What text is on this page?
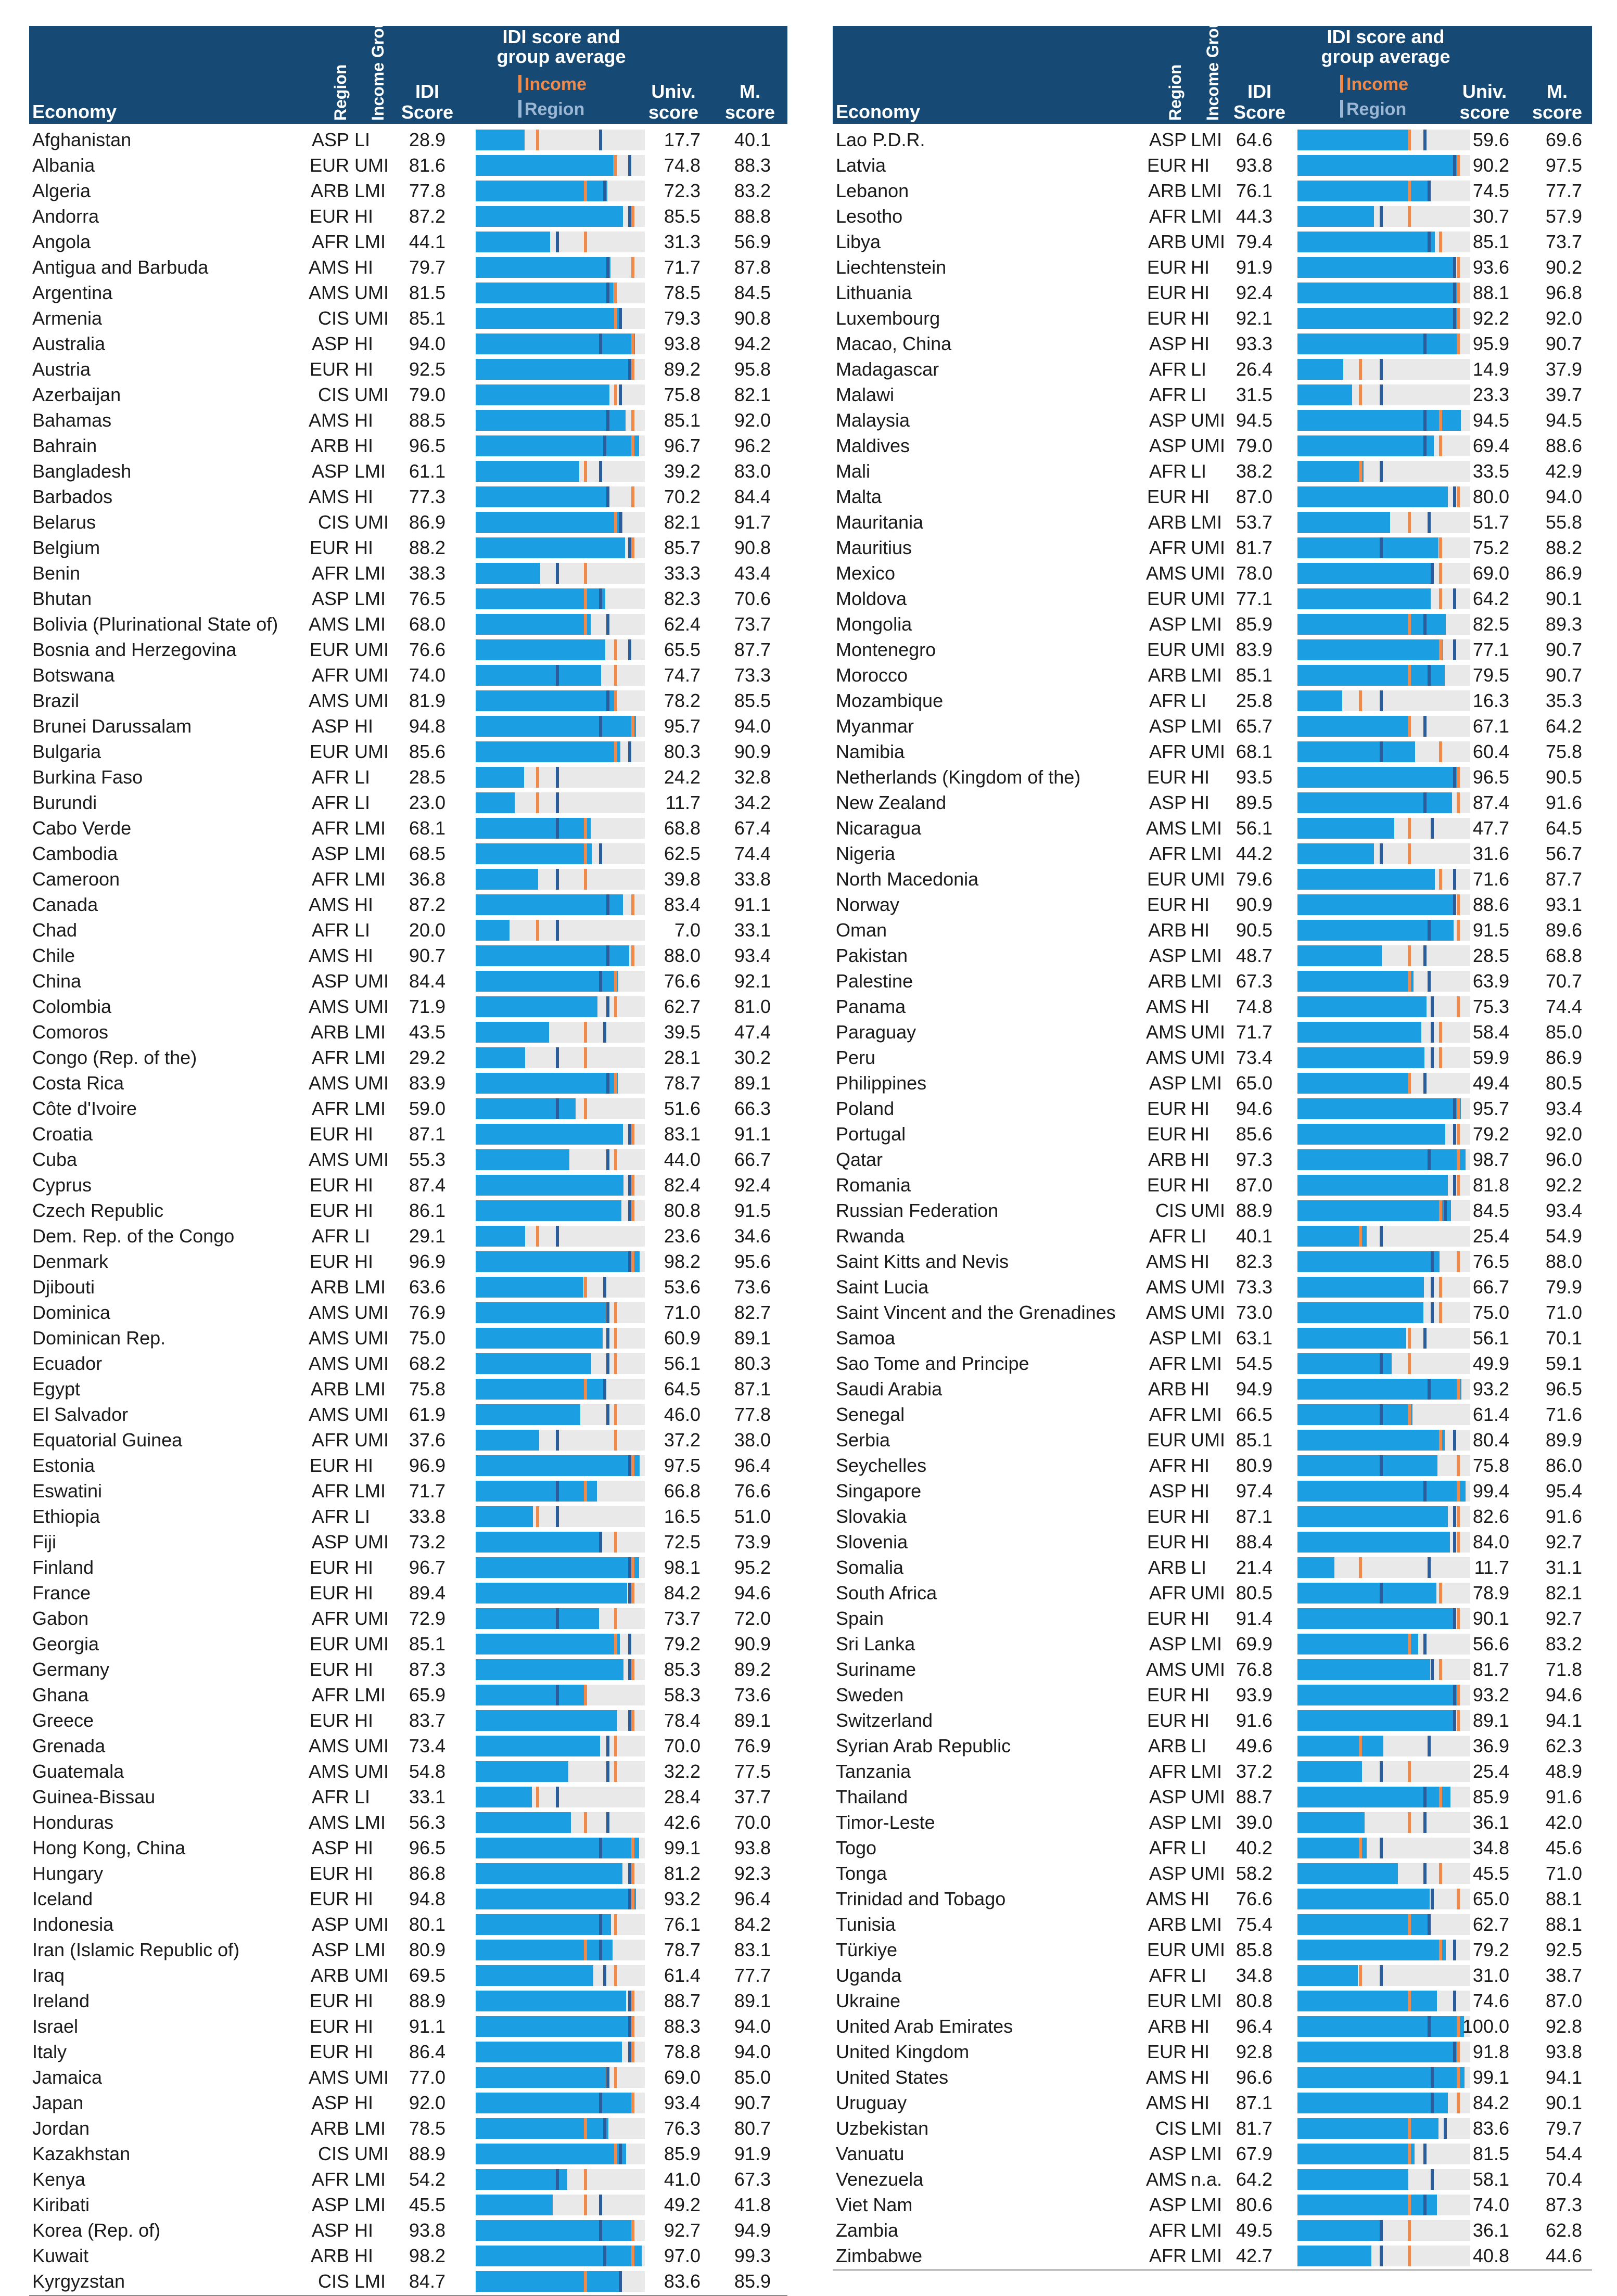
Economy	Region Income Group	IDI Score
IDI score and group average
Income
Region
Univ. score
M. score
Afghanistan	ASP LI	28.9	17.7	40.1
Albania	EUR UMI	81.6	74.8	88.3
Algeria	ARB LMI	77.8	72.3	83.2
Andorra	EUR HI	87.2	85.5	88.8
Angola	AFR LMI	44.1	31.3	56.9
Antigua and Barbuda	AMS HI	79.7	71.7	87.8
Argentina	AMS UMI	81.5	78.5	84.5
Armenia	CIS UMI	85.1	79.3	90.8
Australia	ASP HI	94.0	93.8	94.2
Austria	EUR HI	92.5	89.2	95.8
Azerbaijan	CIS UMI	79.0	75.8	82.1
Bahamas	AMS HI	88.5	85.1	92.0
Bahrain	ARB HI	96.5	96.7	96.2
Bangladesh	ASP LMI	61.1	39.2	83.0
Barbados	AMS HI	77.3	70.2	84.4
Belarus	CIS UMI	86.9	82.1	91.7
Belgium	EUR HI	88.2	85.7	90.8
Benin	AFR LMI	38.3	33.3	43.4
Bhutan	ASP LMI	76.5	82.3	70.6
Bolivia (Plurinational State of) AMS LMI	68.0	62.4	73.7
Bosnia and Herzegovina	EUR UMI	76.6	65.5	87.7
Botswana	AFR UMI	74.0	74.7	73.3
Brazil	AMS UMI	81.9	78.2	85.5
Brunei Darussalam	ASP HI	94.8	95.7	94.0
Bulgaria	EUR UMI	85.6	80.3	90.9
Burkina Faso	AFR LI	28.5	24.2	32.8
Burundi	AFR LI	23.0	11.7	34.2
Cabo Verde	AFR LMI	68.1	68.8	67.4
Cambodia	ASP LMI	68.5	62.5	74.4
Cameroon	AFR LMI	36.8	39.8	33.8
Canada	AMS HI	87.2	83.4	91.1
Chad	AFR LI	20.0	7.0	33.1
Chile	AMS HI	90.7	88.0	93.4
China	ASP UMI	84.4	76.6	92.1
Colombia	AMS UMI	71.9	62.7	81.0
Comoros	ARB LMI	43.5	39.5	47.4
Congo (Rep. of the)	AFR LMI	29.2	28.1	30.2
Costa Rica	AMS UMI	83.9	78.7	89.1
Côte d'Ivoire	AFR LMI	59.0	51.6	66.3
Croatia	EUR HI	87.1	83.1	91.1
Cuba	AMS UMI	55.3	44.0	66.7
Cyprus	EUR HI	87.4	82.4	92.4
Czech Republic	EUR HI	86.1	80.8	91.5
Dem. Rep. of the Congo	AFR LI	29.1	23.6	34.6
Denmark	EUR HI	96.9	98.2	95.6
Djibouti	ARB LMI	63.6	53.6	73.6
Dominica	AMS UMI	76.9	71.0	82.7
Dominican Rep.	AMS UMI	75.0	60.9	89.1
Ecuador	AMS UMI	68.2	56.1	80.3
Egypt	ARB LMI	75.8	64.5	87.1
El Salvador	AMS UMI	61.9	46.0	77.8
Equatorial Guinea	AFR UMI	37.6	37.2	38.0
Estonia	EUR HI	96.9	97.5	96.4
Eswatini	AFR LMI	71.7	66.8	76.6
Ethiopia	AFR LI	33.8	16.5	51.0
Fiji	ASP UMI	73.2	72.5	73.9
Finland	EUR HI	96.7	98.1	95.2
France	EUR HI	89.4	84.2	94.6
Gabon	AFR UMI	72.9	73.7	72.0
Georgia	EUR UMI	85.1	79.2	90.9
Germany	EUR HI	87.3	85.3	89.2
Ghana	AFR LMI	65.9	58.3	73.6
Greece	EUR HI	83.7	78.4	89.1
Grenada	AMS UMI	73.4	70.0	76.9
Guatemala	AMS UMI	54.8	32.2	77.5
Guinea-Bissau	AFR LI	33.1	28.4	37.7
Honduras	AMS LMI	56.3	42.6	70.0
Hong Kong, China	ASP HI	96.5	99.1	93.8
Hungary	EUR HI	86.8	81.2	92.3
Iceland	EUR HI	94.8	93.2	96.4
Indonesia	ASP UMI	80.1	76.1	84.2
Iran (Islamic Republic of)	ASP LMI	80.9	78.7	83.1
Iraq	ARB UMI	69.5	61.4	77.7
Ireland	EUR HI	88.9	88.7	89.1
Israel	EUR HI	91.1	88.3	94.0
Italy	EUR HI	86.4	78.8	94.0
Jamaica	AMS UMI	77.0	69.0	85.0
Japan	ASP HI	92.0	93.4	90.7
Jordan	ARB LMI	78.5	76.3	80.7
Kazakhstan	CIS UMI	88.9	85.9	91.9
Kenya	AFR LMI	54.2	41.0	67.3
Kiribati	ASP LMI	45.5	49.2	41.8
Korea (Rep. of)	ASP HI	93.8	92.7	94.9
Kuwait	ARB HI	98.2	97.0	99.3
Kyrgyzstan	CIS LMI	84.7	83.6	85.9
Economy	Region Income Group	IDI Score
IDI score and group average
Income
Region
Univ. score
M. score
Lao P.D.R.	ASP LMI 64.6	59.6	69.6
Latvia	EUR HI	93.8	90.2	97.5
Lebanon	ARB LMI 76.1	74.5	77.7
Lesotho	AFR LMI 44.3	30.7	57.9
Libya	ARB UMI 79.4	85.1	73.7
Liechtenstein	EUR HI	91.9	93.6	90.2
Lithuania	EUR HI	92.4	88.1	96.8
Luxembourg	EUR HI	92.1	92.2	92.0
Macao, China	ASP HI	93.3	95.9	90.7
Madagascar	AFR LI	26.4	14.9	37.9
Malawi	AFR LI	31.5	23.3	39.7
Malaysia	ASP UMI 94.5	94.5	94.5
Maldives	ASP UMI 79.0	69.4	88.6
Mali	AFR LI	38.2	33.5	42.9
Malta	EUR HI	87.0	80.0	94.0
Mauritania	ARB LMI 53.7	51.7	55.8
Mauritius	AFR UMI 81.7	75.2	88.2
Mexico	AMS UMI 78.0	69.0	86.9
Moldova	EUR UMI 77.1	64.2	90.1
Mongolia	ASP LMI 85.9	82.5	89.3
Montenegro	EUR UMI 83.9	77.1	90.7
Morocco	ARB LMI 85.1	79.5	90.7
Mozambique	AFR LI	25.8	16.3	35.3
Myanmar	ASP LMI 65.7	67.1	64.2
Namibia	AFR UMI 68.1	60.4	75.8
Netherlands (Kingdom of the)	EUR HI	93.5	96.5	90.5
New Zealand	ASP HI	89.5	87.4	91.6
Nicaragua	AMS LMI 56.1	47.7	64.5
Nigeria	AFR LMI 44.2	31.6	56.7
North Macedonia	EUR UMI 79.6	71.6	87.7
Norway	EUR HI	90.9	88.6	93.1
Oman	ARB HI	90.5	91.5	89.6
Pakistan	ASP LMI 48.7	28.5	68.8
Palestine	ARB LMI 67.3	63.9	70.7
Panama	AMS HI	74.8	75.3	74.4
Paraguay	AMS UMI 71.7	58.4	85.0
Peru	AMS UMI 73.4	59.9	86.9
Philippines	ASP LMI 65.0	49.4	80.5
Poland	EUR HI	94.6	95.7	93.4
Portugal	EUR HI	85.6	79.2	92.0
Qatar	ARB HI	97.3	98.7	96.0
Romania	EUR HI	87.0	81.8	92.2
Russian Federation	CIS UMI 88.9	84.5	93.4
Rwanda	AFR LI	40.1	25.4	54.9
Saint Kitts and Nevis	AMS HI	82.3	76.5	88.0
Saint Lucia	AMS UMI 73.3	66.7	79.9
Saint Vincent and the Grenadines AMS UMI 73.0	75.0	71.0
Samoa	ASP LMI 63.1	56.1	70.1
Sao Tome and Principe	AFR LMI 54.5	49.9	59.1
Saudi Arabia	ARB HI	94.9	93.2	96.5
Senegal	AFR LMI 66.5	61.4	71.6
Serbia	EUR UMI 85.1	80.4	89.9
Seychelles	AFR HI	80.9	75.8	86.0
Singapore	ASP HI	97.4	99.4	95.4
Slovakia	EUR HI	87.1	82.6	91.6
Slovenia	EUR HI	88.4	84.0	92.7
Somalia	ARB LI	21.4	11.7	31.1
South Africa	AFR UMI 80.5	78.9	82.1
Spain	EUR HI	91.4	90.1	92.7
Sri Lanka	ASP LMI 69.9	56.6	83.2
Suriname	AMS UMI 76.8	81.7	71.8
Sweden	EUR HI	93.9	93.2	94.6
Switzerland	EUR HI	91.6	89.1	94.1
Syrian Arab Republic	ARB LI	49.6	36.9	62.3
Tanzania	AFR LMI 37.2	25.4	48.9
Thailand	ASP UMI 88.7	85.9	91.6
Timor-Leste	ASP LMI 39.0	36.1	42.0
Togo	AFR LI	40.2	34.8	45.6
Tonga	ASP UMI 58.2	45.5	71.0
Trinidad and Tobago	AMS HI	76.6	65.0	88.1
Tunisia	ARB LMI 75.4	62.7	88.1
Türkiye	EUR UMI 85.8	79.2	92.5
Uganda	AFR LI	34.8	31.0	38.7
Ukraine	EUR LMI 80.8	74.6	87.0
United Arab Emirates	ARB HI	96.4	100.0	92.8
United Kingdom	EUR HI	92.8	91.8	93.8
United States	AMS HI	96.6	99.1	94.1
Uruguay	AMS HI	87.1	84.2	90.1
Uzbekistan	CIS LMI 81.7	83.6	79.7
Vanuatu	ASP LMI 67.9	81.5	54.4
Venezuela	AMS n.a. 64.2	58.1	70.4
Viet Nam	ASP LMI 80.6	74.0	87.3
Zambia	AFR LMI 49.5	36.1	62.8
Zimbabwe	AFR LMI 42.7	40.8	44.6
